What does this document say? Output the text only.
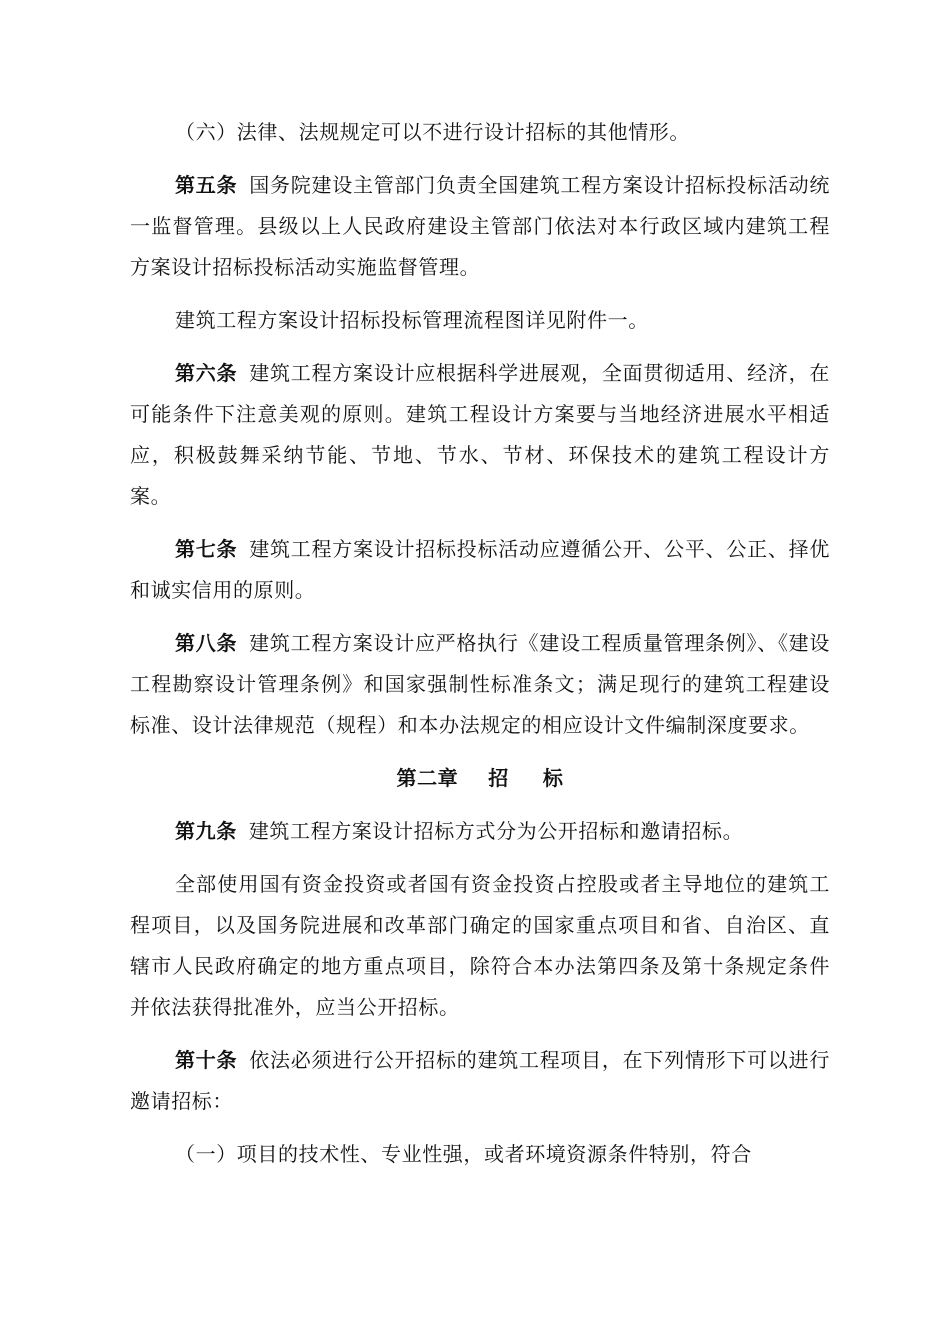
（六）法律、法规规定可以不进行设计招标的其他情形。

第五条 国务院建设主管部门负责全国建筑工程方案设计招标投标活动统一监督管理。县级以上人民政府建设主管部门依法对本行政区域内建筑工程方案设计招标投标活动实施监督管理。

建筑工程方案设计招标投标管理流程图详见附件一。

第六条 建筑工程方案设计应根据科学进展观，全面贯彻适用、经济，在可能条件下注意美观的原则。建筑工程设计方案要与当地经济进展水平相适应，积极鼓舞采纳节能、节地、节水、节材、环保技术的建筑工程设计方案。

第七条 建筑工程方案设计招标投标活动应遵循公开、公平、公正、择优和诚实信用的原则。

第八条 建筑工程方案设计应严格执行《建设工程质量管理条例》、《建设工程勘察设计管理条例》和国家强制性标准条文；满足现行的建筑工程建设标准、设计法律规范（规程）和本办法规定的相应设计文件编制深度要求。

第二章 招 标

第九条 建筑工程方案设计招标方式分为公开招标和邀请招标。

全部使用国有资金投资或者国有资金投资占控股或者主导地位的建筑工程项目，以及国务院进展和改革部门确定的国家重点项目和省、自治区、直辖市人民政府确定的地方重点项目，除符合本办法第四条及第十条规定条件并依法获得批准外，应当公开招标。

第十条 依法必须进行公开招标的建筑工程项目，在下列情形下可以进行邀请招标：

（一）项目的技术性、专业性强，或者环境资源条件特别，符合
